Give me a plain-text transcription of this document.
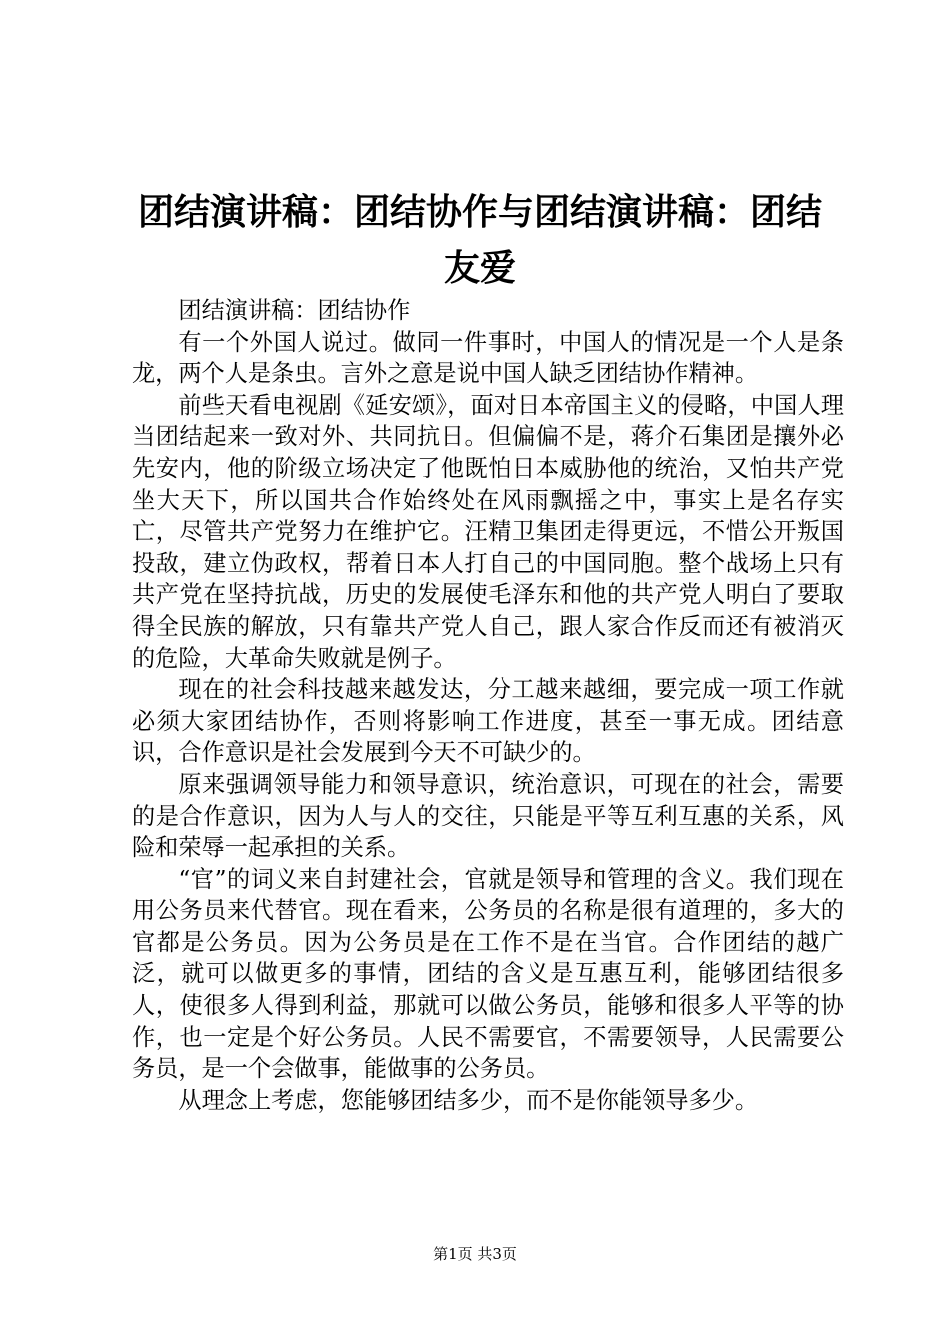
团结演讲稿：团结协作与团结演讲稿：团结友爱

团结演讲稿：团结协作

有一个外国人说过。做同一件事时，中国人的情况是一个人是条龙，两个人是条虫。言外之意是说中国人缺乏团结协作精神。

前些天看电视剧《延安颂》，面对日本帝国主义的侵略，中国人理当团结起来一致对外、共同抗日。但偏偏不是，蒋介石集团是攘外必先安内，他的阶级立场决定了他既怕日本威胁他的统治，又怕共产党坐大天下，所以国共合作始终处在风雨飘摇之中，事实上是名存实亡，尽管共产党努力在维护它。汪精卫集团走得更远，不惜公开叛国投敌，建立伪政权，帮着日本人打自己的中国同胞。整个战场上只有共产党在坚持抗战，历史的发展使毛泽东和他的共产党人明白了要取得全民族的解放，只有靠共产党人自己，跟人家合作反而还有被消灭的危险，大革命失败就是例子。

现在的社会科技越来越发达，分工越来越细，要完成一项工作就必须大家团结协作，否则将影响工作进度，甚至一事无成。团结意识，合作意识是社会发展到今天不可缺少的。

原来强调领导能力和领导意识，统治意识，可现在的社会，需要的是合作意识，因为人与人的交往，只能是平等互利互惠的关系，风险和荣辱一起承担的关系。

“官”的词义来自封建社会，官就是领导和管理的含义。我们现在用公务员来代替官。现在看来，公务员的名称是很有道理的，多大的官都是公务员。因为公务员是在工作不是在当官。合作团结的越广泛，就可以做更多的事情，团结的含义是互惠互利，能够团结很多人，使很多人得到利益，那就可以做公务员，能够和很多人平等的协作，也一定是个好公务员。人民不需要官，不需要领导，人民需要公务员，是一个会做事，能做事的公务员。

从理念上考虑，您能够团结多少，而不是你能领导多少。

第1页 共3页
